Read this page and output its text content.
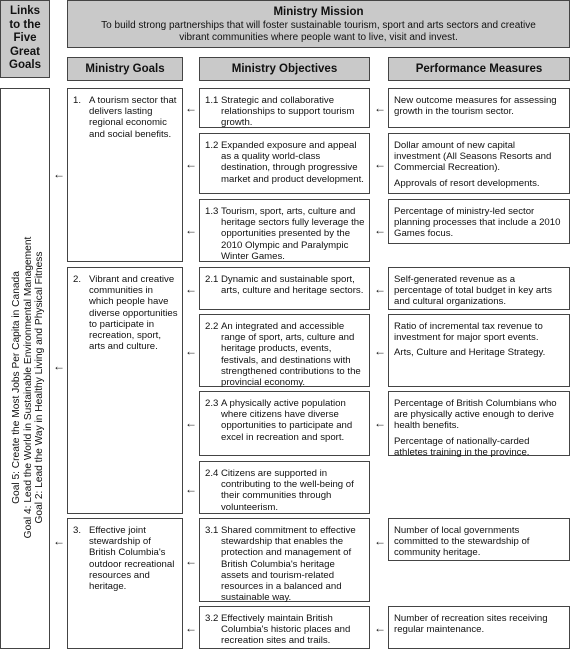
Links to the Five Great Goals
Ministry Mission
To build strong partnerships that will foster sustainable tourism, sport and arts sectors and creative vibrant communities where people want to live, visit and invest.
Ministry Goals	Ministry Objectives	Performance Measures
Goal 5: Create the Most Jobs Per Capita in Canada Goal 4: Lead the World in Sustainable Environmental Management Goal 2: Lead the Way in Healthy Living and Physical Fitness ←
1. A tourism sector that delivers lasting regional economic and social benefits.
2. Vibrant and creative communities in which people have diverse opportunities to participate in recreation, sport, arts and culture.
3. Effective joint stewardship of British Columbia's outdoor recreational resources and heritage.
1.1 Strategic and collaborative relationships to support tourism growth.
1.2 Expanded exposure and appeal as a quality world-class destination, through progressive market and product development.
1.3 Tourism, sport, arts, culture and heritage sectors fully leverage the opportunities presented by the 2010 Olympic and Paralympic Winter Games.
2.1 Dynamic and sustainable sport, arts, culture and heritage sectors.
2.2 An integrated and accessible range of sport, arts, culture and heritage products, events, festivals, and destinations with strengthened contributions to the provincial economy.
2.3 A physically active population where citizens have diverse opportunities to participate and excel in recreation and sport.
2.4 Citizens are supported in contributing to the well-being of their communities through volunteerism.
3.1 Shared commitment to effective stewardship that enables the protection and management of British Columbia's heritage assets and tourism-related resources in a balanced and sustainable way.
3.2 Effectively maintain British Columbia's historic places and recreation sites and trails.

New outcome measures for assessing growth in the tourism sector.

Dollar amount of new capital investment (All Seasons Resorts and Commercial Recreation).

Approvals of resort developments.

Percentage of ministry-led sector planning processes that include a 2010 Games focus.

Self-generated revenue as a percentage of total budget in key arts and cultural organizations.

Ratio of incremental tax revenue to investment for major sport events.

Arts, Culture and Heritage Strategy.

Percentage of British Columbians who are physically active enough to derive health benefits.

Percentage of nationally-carded athletes training in the province.

Number of local governments committed to the stewardship of community heritage.

Number of recreation sites receiving regular maintenance.

←
←
←
←
←
←
←
←
←
←
←
←
←
←
←
←
←
←
←
